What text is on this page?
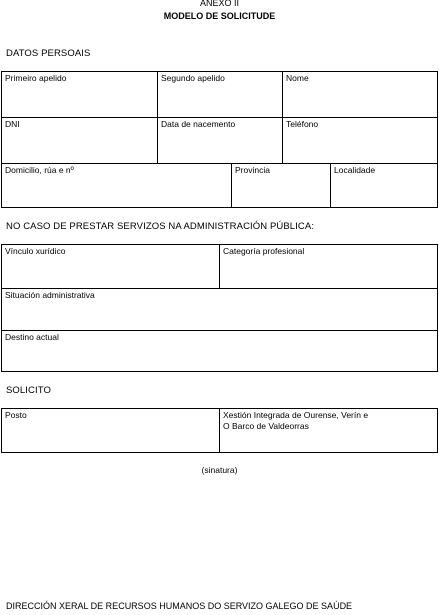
ANEXO II
MODELO DE SOLICITUDE
DATOS PERSOAIS
Primeiro apelido	Segundo apelido	Nome
DNI	Data de nacemento	Teléfono
Domicilio, rúa e nº	Provincia	Localidade
NO CASO DE PRESTAR SERVIZOS NA ADMINISTRACIÓN PÚBLICA:
Vínculo xurídico	Categoría profesional
Situación administrativa
Destino actual
SOLICITO
Posto	Xestión Integrada de Ourense, Verín e
O Barco de Valdeorras
(sinatura)
DIRECCIÓN XERAL DE RECURSOS HUMANOS DO SERVIZO GALEGO DE SAÚDE
